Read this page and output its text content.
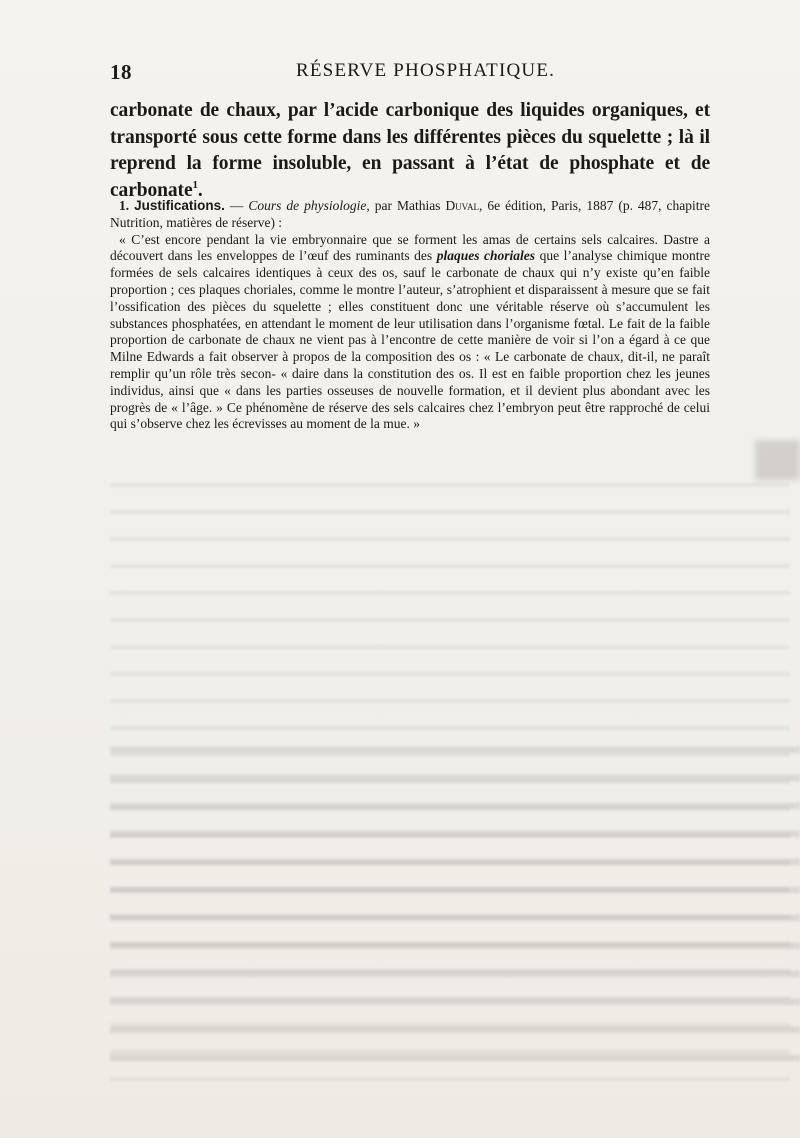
18	RÉSERVE PHOSPHATIQUE.

carbonate de chaux, par l’acide carbonique des liquides organiques, et transporté sous cette forme dans les différentes pièces du squelette ; là il reprend la forme insoluble, en passant à l’état de phosphate et de carbonate$^1$.

1. Justifications. — Cours de physiologie, par Mathias Duval, 6e édition, Paris, 1887 (p. 487, chapitre Nutrition, matières de réserve) :

« C’est encore pendant la vie embryonnaire que se forment les amas de certains sels calcaires. Dastre a découvert dans les enveloppes de l’œuf des ruminants des plaques choriales que l’analyse chimique montre formées de sels calcaires identiques à ceux des os, sauf le carbonate de chaux qui n’y existe qu’en faible proportion ; ces plaques choriales, comme le montre l’auteur, s’atrophient et disparaissent à mesure que se fait l’ossification des pièces du squelette ; elles constituent donc une véritable réserve où s’accumulent les substances phosphatées, en attendant le moment de leur utilisation dans l’organisme fœtal. Le fait de la faible proportion de carbonate de chaux ne vient pas à l’encontre de cette manière de voir si l’on a égard à ce que Milne Edwards a fait observer à propos de la composition des os : « Le carbonate de chaux, dit-il, ne paraît remplir qu’un rôle très secon- « daire dans la constitution des os. Il est en faible proportion chez les jeunes individus, ainsi que « dans les parties osseuses de nouvelle formation, et il devient plus abondant avec les progrès de « l’âge. » Ce phénomène de réserve des sels calcaires chez l’embryon peut être rapproché de celui qui s’observe chez les écrevisses au moment de la mue. »
